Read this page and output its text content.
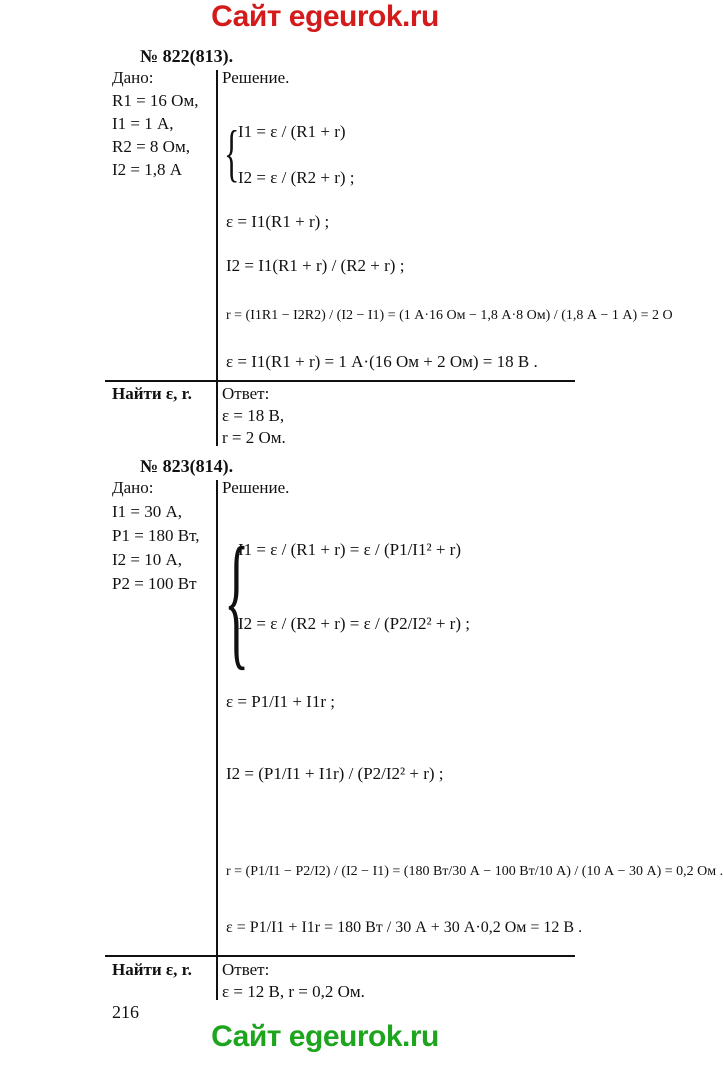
Сайт egeurok.ru
№ 822(813).
Дано:
R1 = 16 Ом,
I1 = 1 А,
R2 = 8 Ом,
I2 = 1,8 А
Решение.
{
I1 = ε / (R1 + r)
I2 = ε / (R2 + r) ;
ε = I1(R1 + r) ;
I2 = I1(R1 + r) / (R2 + r) ;
r = (I1R1 − I2R2) / (I2 − I1) = (1 А·16 Ом − 1,8 А·8 Ом) / (1,8 А − 1 А) = 2 О
ε = I1(R1 + r) = 1 А·(16 Ом + 2 Ом) = 18 В .
Найти ε, r. Ответ:
ε = 18 В,
r = 2 Ом.
№ 823(814).
Дано:
I1 = 30 А,
P1 = 180 Вт,
I2 = 10 А,
P2 = 100 Вт
Решение.
{
I1 = ε / (R1 + r) = ε / (P1/I1² + r)
I2 = ε / (R2 + r) = ε / (P2/I2² + r) ;
ε = P1/I1 + I1r ;
I2 = (P1/I1 + I1r) / (P2/I2² + r) ;
r = (P1/I1 − P2/I2) / (I2 − I1) = (180 Вт/30 А − 100 Вт/10 А) / (10 А − 30 А) = 0,2 Ом .
ε = P1/I1 + I1r = 180 Вт / 30 А + 30 А·0,2 Ом = 12 В .
Найти ε, r. Ответ:
ε = 12 В, r = 0,2 Ом.
216
Сайт egeurok.ru
